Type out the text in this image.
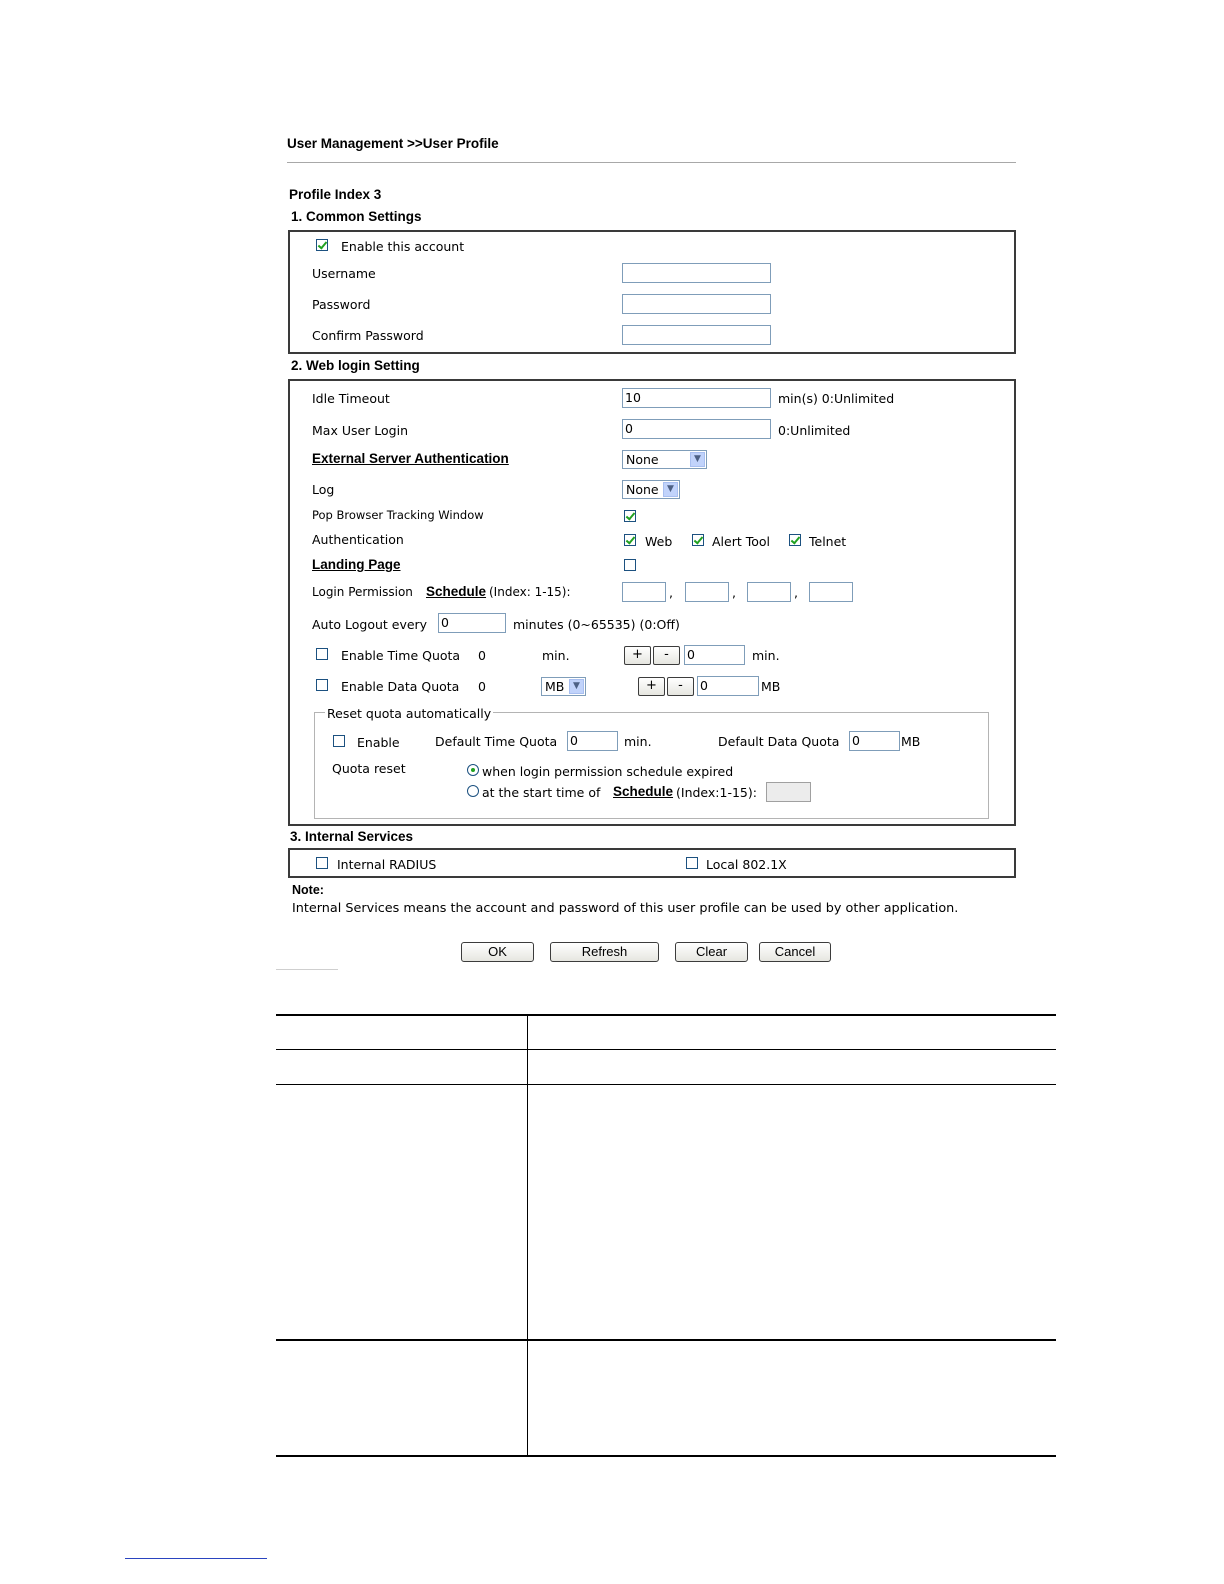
User Management >>User Profile
Profile Index 3
1. Common Settings
Enable this account
Username
Password
Confirm Password
2. Web login Setting
Idle Timeout	10	min(s) 0:Unlimited
Max User Login	0	0:Unlimited
External Server Authentication	None	▼
Log	None ▼
Pop Browser Tracking Window
Authentication	Web	Alert Tool	Telnet
Landing Page
Login Permission Schedule (Index: 1-15):	,	,	,
Auto Logout every 0	minutes (0~65535) (0:Off)
Enable Time Quota 0	min.	+	-	0	min.
Enable Data Quota 0	MB ▼	+	-	0	MB
Reset quota automatically
Enable	Default Time Quota 0	min.	Default Data Quota 0	MB
Quota reset	when login permission schedule expired
at the start time of Schedule (Index:1-15):
3. Internal Services
Internal RADIUS	Local 802.1X
Note:
Internal Services means the account and password of this user profile can be used by other application.
OK	Refresh	Clear	Cancel
